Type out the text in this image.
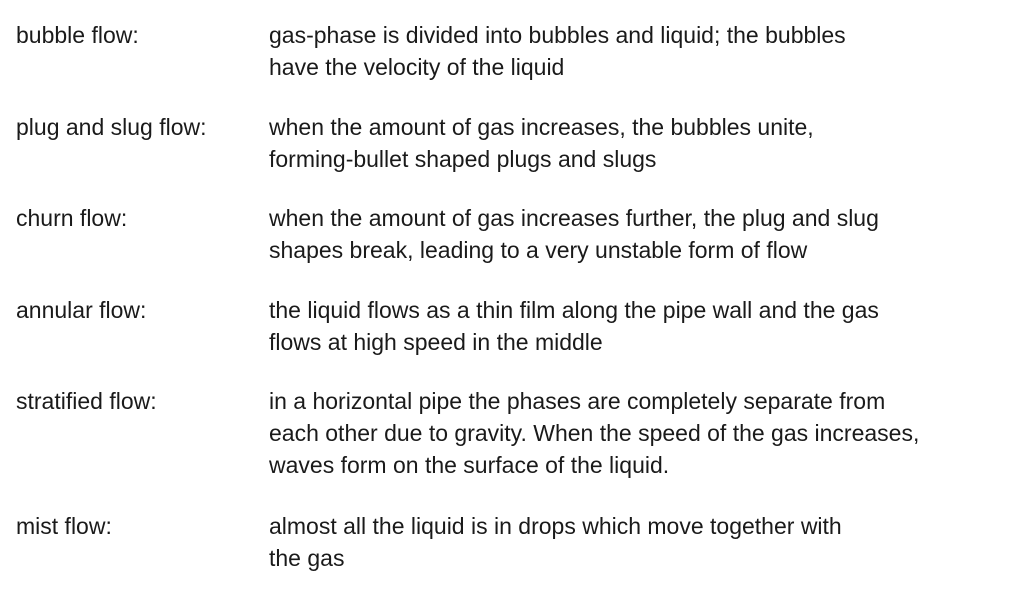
bubble flow:	gas-phase is divided into bubbles and liquid; the bubbles
have the velocity of the liquid
plug and slug flow:	when the amount of gas increases, the bubbles unite,
forming-bullet shaped plugs and slugs
churn flow:	when the amount of gas increases further, the plug and slug
shapes break, leading to a very unstable form of flow
annular flow:	the liquid flows as a thin film along the pipe wall and the gas
flows at high speed in the middle
stratified flow:	in a horizontal pipe the phases are completely separate from
each other due to gravity. When the speed of the gas increases,
waves form on the surface of the liquid.
mist flow:	almost all the liquid is in drops which move together with
the gas
